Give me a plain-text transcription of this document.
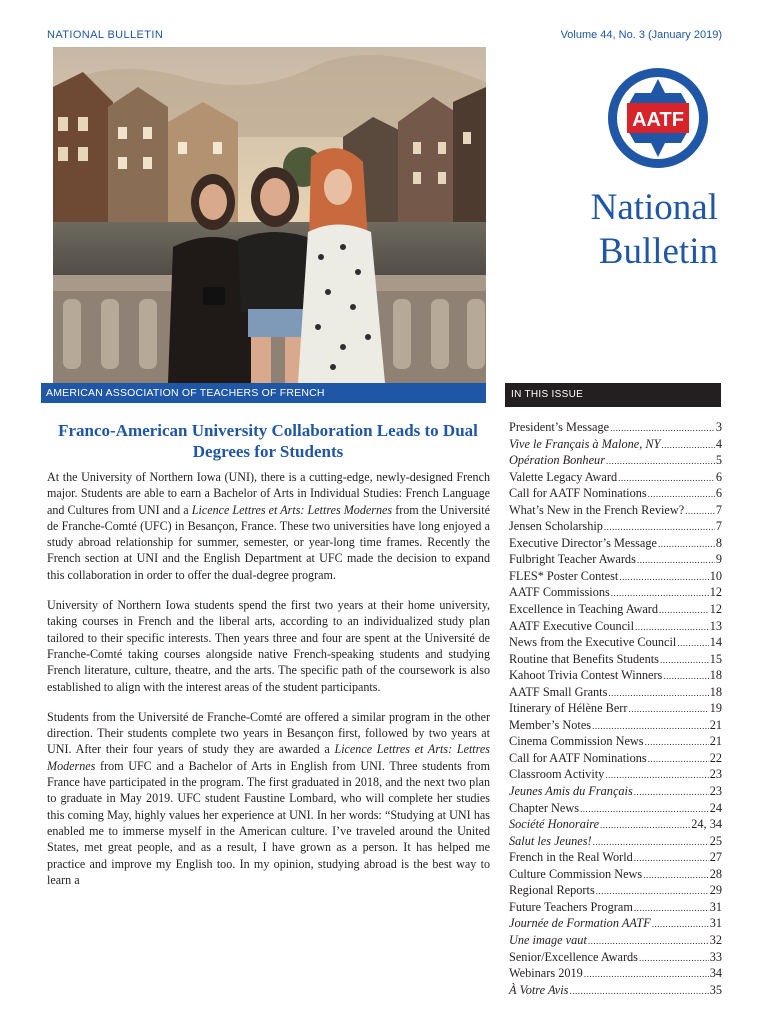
NATIONAL BULLETIN	Volume 44, No. 3 (January 2019)
AMERICAN ASSOCIATION OF TEACHERS OF FRENCH
AATF
National
Bulletin
IN THIS ISSUE
President’s Message .....	3
Vive le Français à Malone, NY .....	4
Opération Bonheur .....	5
Valette Legacy Award .....	6
Call for AATF Nominations .....	6
What’s New in the French Review? .....	7
Jensen Scholarship .....	7
Executive Director’s Message .....	8
Fulbright Teacher Awards .....	9
FLES* Poster Contest .....	10
AATF Commissions .....	12
Excellence in Teaching Award .....	12
AATF Executive Council .....	13
News from the Executive Council .....	14
Routine that Benefits Students .....	15
Kahoot Trivia Contest Winners .....	18
AATF Small Grants .....	18
Itinerary of Hélène Berr .....	19
Member’s Notes .....	21
Cinema Commission News .....	21
Call for AATF Nominations .....	22
Classroom Activity .....	23
Jeunes Amis du Français .....	23
Chapter News .....	24
Société Honoraire .....	24, 34
Salut les Jeunes! .....	25
French in the Real World .....	27
Culture Commission News .....	28
Regional Reports .....	29
Future Teachers Program .....	31
Journée de Formation AATF .....	31
Une image vaut .....	32
Senior/Excellence Awards .....	33
Webinars 2019 .....	34
À Votre Avis .....	35
Franco-American University Collaboration Leads to Dual Degrees for Students

At the University of Northern Iowa (UNI), there is a cutting-edge, newly-designed French major. Students are able to earn a Bachelor of Arts in Individual Studies: French Language and Cultures from UNI and a Licence Lettres et Arts: Lettres Modernes from the Université de Franche-Comté (UFC) in Besançon, France. These two universities have long enjoyed a study abroad relationship for summer, semester, or year-long time frames. Recently the French section at UNI and the English Department at UFC made the decision to expand this collaboration in order to offer the dual-degree program.

University of Northern Iowa students spend the first two years at their home university, taking courses in French and the liberal arts, according to an individualized study plan tailored to their specific interests. Then years three and four are spent at the Université de Franche-Comté taking courses alongside native French-speaking students and studying French literature, culture, theatre, and the arts. The specific path of the coursework is also established to align with the interest areas of the student participants.

Students from the Université de Franche-Comté are offered a similar program in the other direction. Their students complete two years in Besançon first, followed by two years at UNI. After their four years of study they are awarded a Licence Lettres et Arts: Lettres Modernes from UFC and a Bachelor of Arts in English from UNI. Three students from France have participated in the program. The first graduated in 2018, and the next two plan to graduate in May 2019. UFC student Faustine Lombard, who will complete her studies this coming May, highly values her experience at UNI. In her words: “Studying at UNI has enabled me to immerse myself in the American culture. I’ve traveled around the United States, met great people, and as a result, I have grown as a person. It has helped me practice and improve my English too. In my opinion, studying abroad is the best way to learn a
